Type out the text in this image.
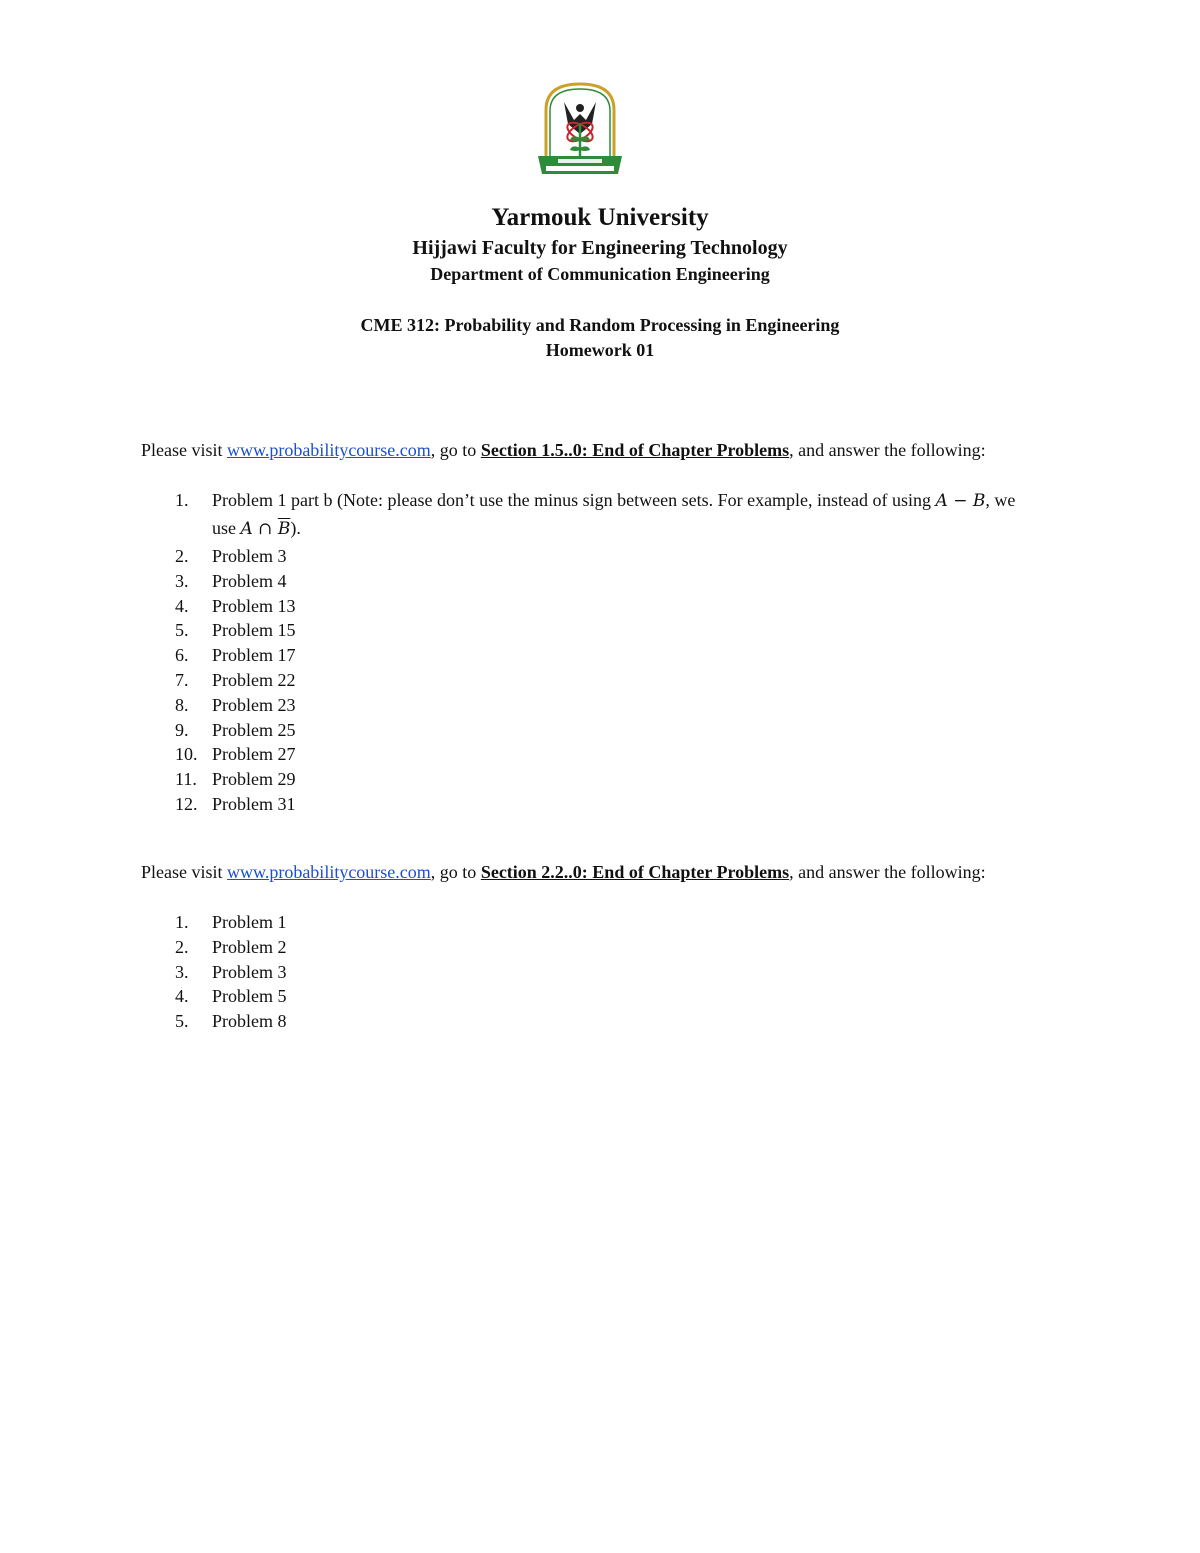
Yarmouk University
Hijjawi Faculty for Engineering Technology
Department of Communication Engineering
CME 312: Probability and Random Processing in Engineering
Homework 01
Please visit www.probabilitycourse.com, go to Section 1.5..0: End of Chapter Problems, and answer the following:
1.	Problem 1 part b (Note: please don’t use the minus sign between sets. For example, instead of using A − B, we use A ∩ $\overline{B}$).
2.	Problem 3
3.	Problem 4
4.	Problem 13
5.	Problem 15
6.	Problem 17
7.	Problem 22
8.	Problem 23
9.	Problem 25
10. Problem 27
11. Problem 29
12. Problem 31
Please visit www.probabilitycourse.com, go to Section 2.2..0: End of Chapter Problems, and answer the following:
1.	Problem 1
2.	Problem 2
3.	Problem 3
4.	Problem 5
5.	Problem 8
